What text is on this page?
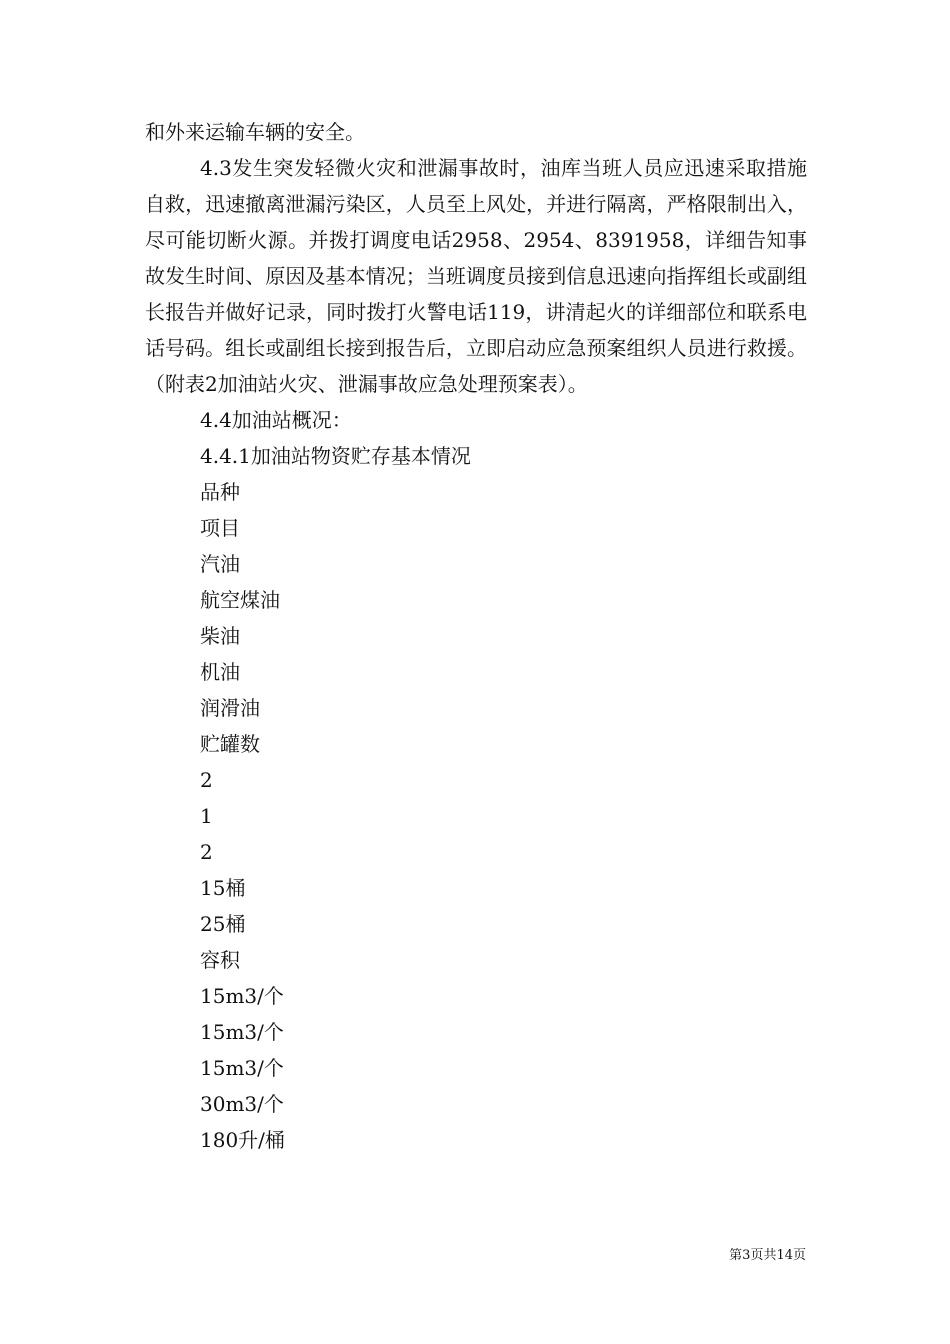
和外来运输车辆的安全。

4.3发生突发轻微火灾和泄漏事故时，油库当班人员应迅速采取措施自救，迅速撤离泄漏污染区，人员至上风处，并进行隔离，严格限制出入，尽可能切断火源。并拨打调度电话2958、2954、8391958，详细告知事故发生时间、原因及基本情况；当班调度员接到信息迅速向指挥组长或副组长报告并做好记录，同时拨打火警电话119，讲清起火的详细部位和联系电话号码。组长或副组长接到报告后，立即启动应急预案组织人员进行救援。（附表2加油站火灾、泄漏事故应急处理预案表）。

4.4加油站概况：

4.4.1加油站物资贮存基本情况

品种

项目

汽油

航空煤油

柴油

机油

润滑油

贮罐数

2

1

2

15桶

25桶

容积

15m3/个

15m3/个

15m3/个

30m3/个

180升/桶

第3页共14页
